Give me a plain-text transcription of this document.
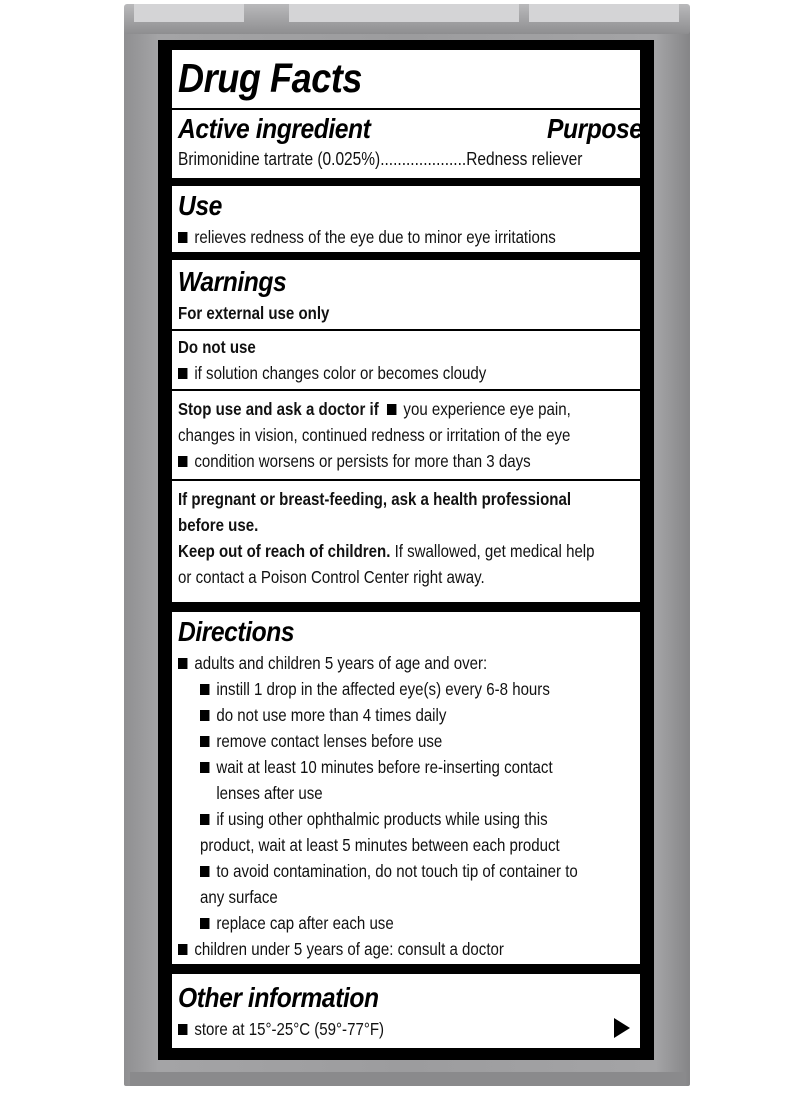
Drug Facts
Active ingredient	Purpose
Brimonidine tartrate (0.025%)....................Redness reliever
Use
relieves redness of the eye due to minor eye irritations
Warnings
For external use only
Do not use
if solution changes color or becomes cloudy
Stop use and ask a doctor if you experience eye pain,
changes in vision, continued redness or irritation of the eye
condition worsens or persists for more than 3 days
If pregnant or breast-feeding, ask a health professional
before use.
Keep out of reach of children. If swallowed, get medical help
or contact a Poison Control Center right away.
Directions
adults and children 5 years of age and over:
instill 1 drop in the affected eye(s) every 6-8 hours
do not use more than 4 times daily
remove contact lenses before use
wait at least 10 minutes before re-inserting contact
lenses after use
if using other ophthalmic products while using this
product, wait at least 5 minutes between each product
to avoid contamination, do not touch tip of container to
any surface
replace cap after each use
children under 5 years of age: consult a doctor
Other information
store at 15°-25°C (59°-77°F)
